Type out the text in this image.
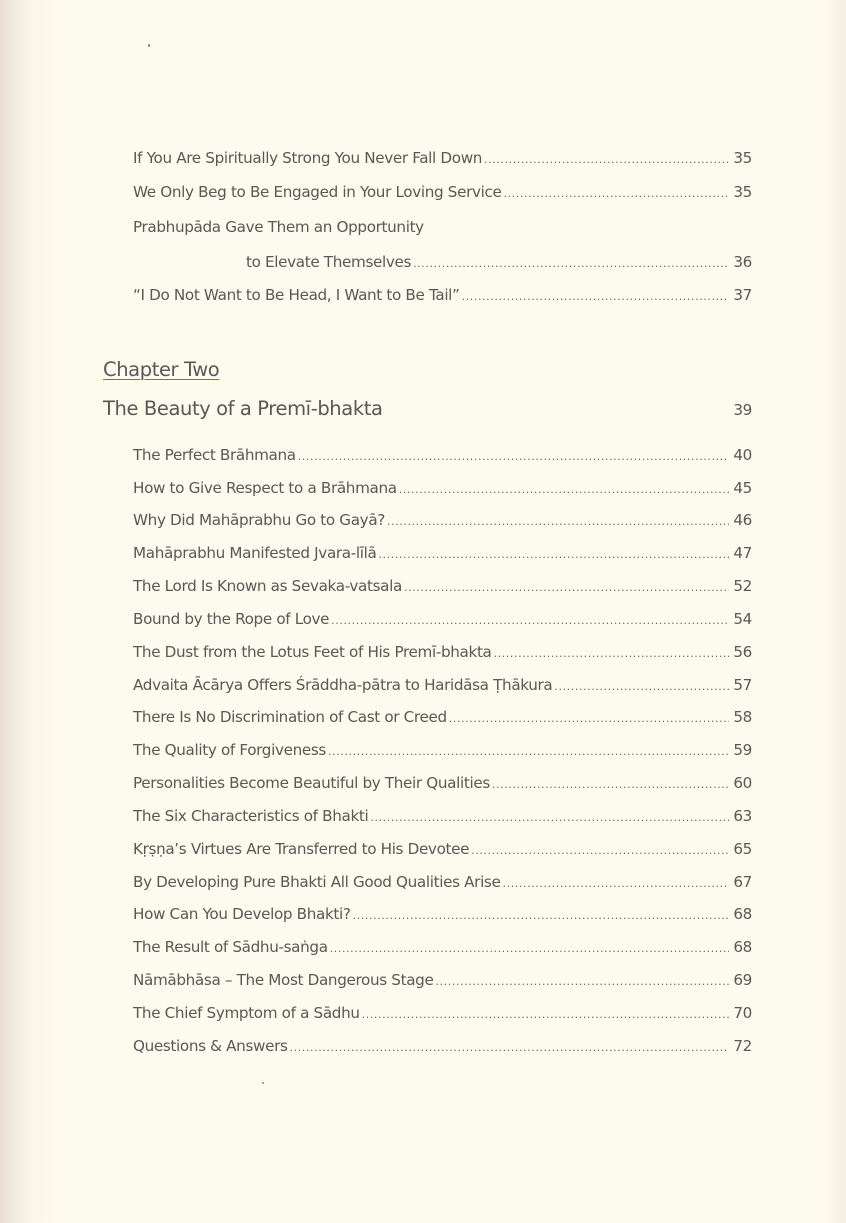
If You Are Spiritually Strong You Never Fall Down .....	35
We Only Beg to Be Engaged in Your Loving Service .....	35
Prabhupāda Gave Them an Opportunity
to Elevate Themselves .....	36
“I Do Not Want to Be Head, I Want to Be Tail” .....	37
Chapter Two
The Beauty of a Premī-bhakta	39
The Perfect Brāhmana .....	40
How to Give Respect to a Brāhmana .....	45
Why Did Mahāprabhu Go to Gayā? .....	46
Mahāprabhu Manifested Jvara-līlā .....	47
The Lord Is Known as Sevaka-vatsala .....	52
Bound by the Rope of Love .....	54
The Dust from the Lotus Feet of His Premī-bhakta .....	56
Advaita Ācārya Offers Śrāddha-pātra to Haridāsa Ṭhākura .....	57
There Is No Discrimination of Cast or Creed .....	58
The Quality of Forgiveness .....	59
Personalities Become Beautiful by Their Qualities .....	60
The Six Characteristics of Bhakti .....	63
Kṛṣṇa’s Virtues Are Transferred to His Devotee .....	65
By Developing Pure Bhakti All Good Qualities Arise .....	67
How Can You Develop Bhakti? .....	68
The Result of Sādhu-saṅga .....	68
Nāmābhāsa – The Most Dangerous Stage .....	69
The Chief Symptom of a Sādhu .....	70
Questions & Answers .....	72
